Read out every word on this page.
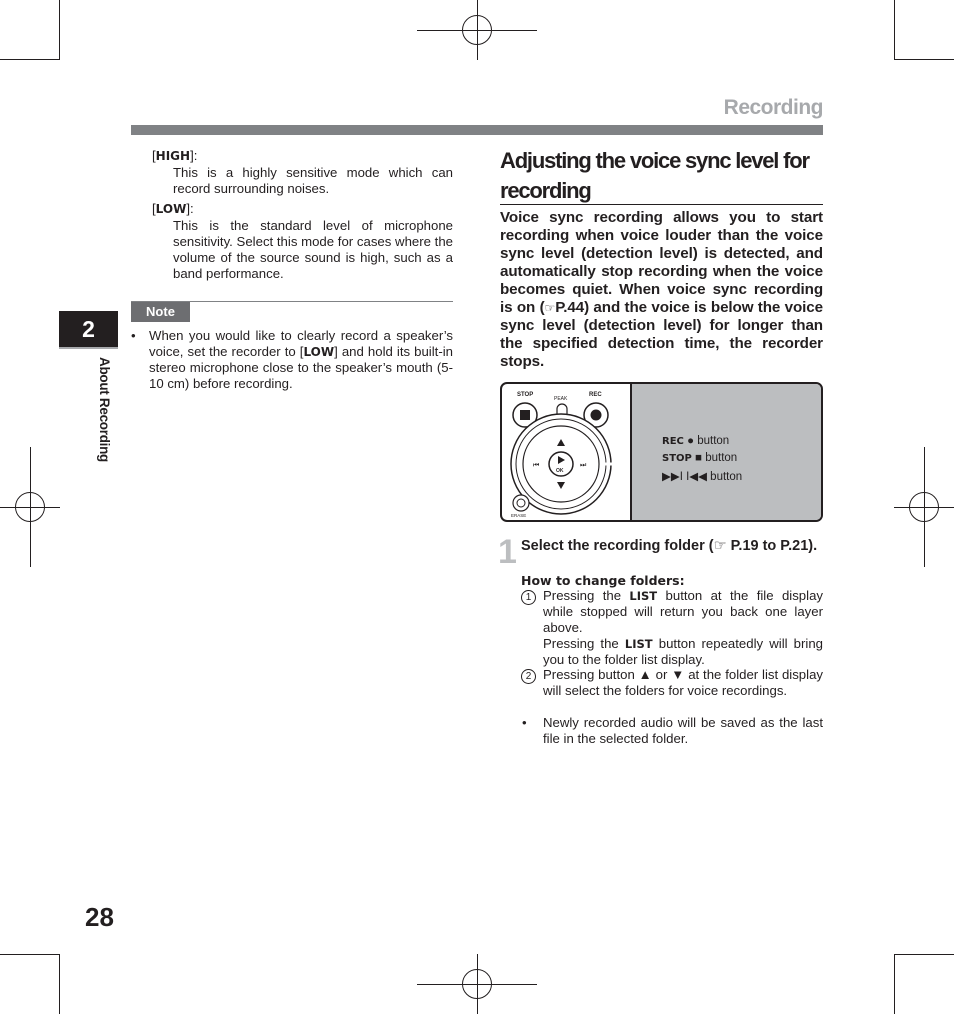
Recording
[HIGH]:
This is a highly sensitive mode which can record surrounding noises.
[LOW]:
This is the standard level of microphone sensitivity. Select this mode for cases where the volume of the source sound is high, such as a band performance.
Note
• When you would like to clearly record a speaker’s voice, set the recorder to [LOW] and hold its built-in stereo microphone close to the speaker’s mouth (5-10 cm) before recording.
2
About Recording
Adjusting the voice sync level for recording
Voice sync recording allows you to start recording when voice louder than the voice sync level (detection level) is detected, and automatically stop recording when the voice becomes quiet. When voice sync recording is on (☞P.44) and the voice is below the voice sync level (detection level) for longer than the specified detection time, the recorder stops.
STOP
PEAK
REC
⏮	⏭
OK
ERASE
REC ● button
STOP ■ button
▶▶I I◀◀ button
1 Select the recording folder (☞ P.19 to P.21).
How to change folders:
1 Pressing the LIST button at the file display while stopped will return you back one layer above.
Pressing the LIST button repeatedly will bring you to the folder list display.
2 Pressing button ▲ or ▼ at the folder list display will select the folders for voice recordings.
• Newly recorded audio will be saved as the last file in the selected folder.
28
